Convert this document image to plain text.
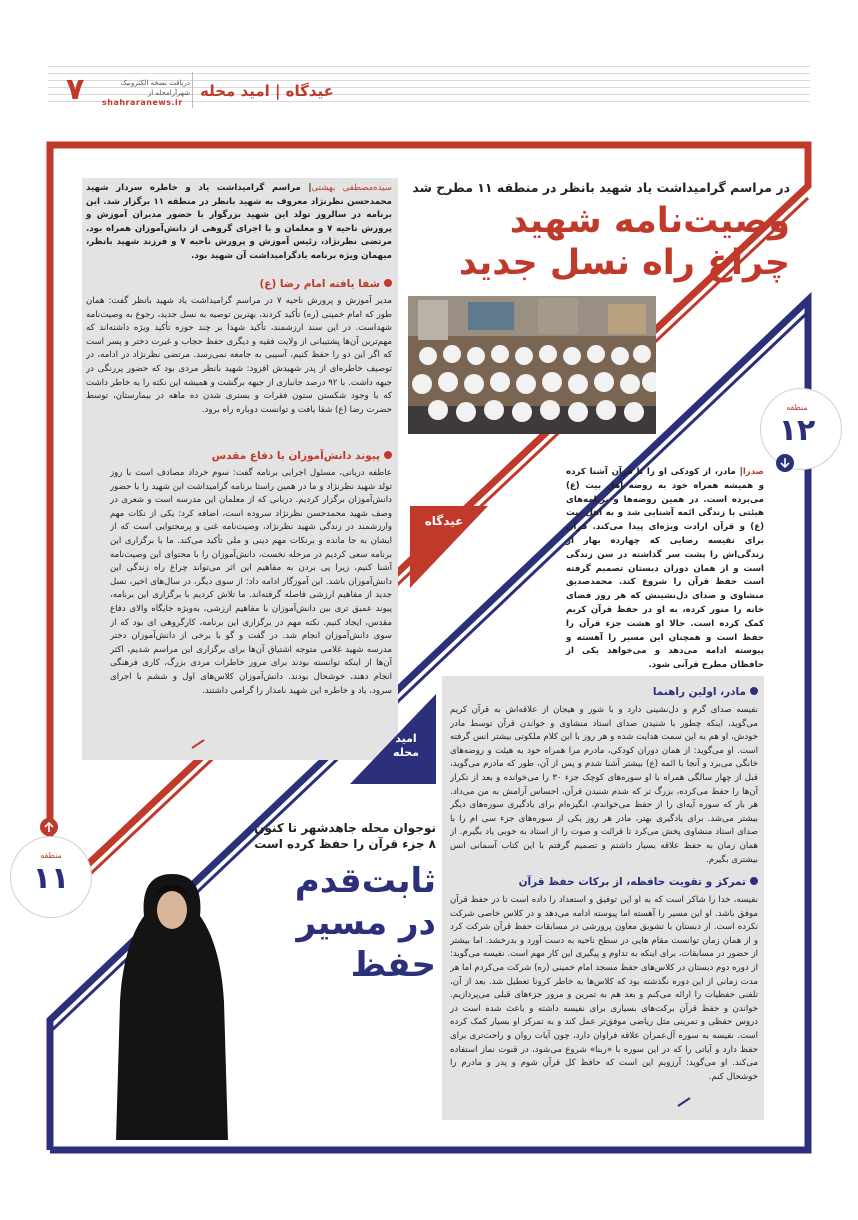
۷	دریافت نسخه الکترونیک شهرآرامحله از
shahraranews.ir
عیدگاه | امید محله
سیده‌مصطفی بهشتی| مراسم گرامیداشت یاد و خاطره سردار شهید محمدحسن نظرنژاد معروف به شهید بانظر در منطقه ۱۱ برگزار شد. این برنامه در سالروز تولد این شهید بزرگوار با حضور مدیران آموزش و پرورش ناحیه ۷ و معلمان و با اجرای گروهی از دانش‌آموزان همراه بود. مرتضی نظرنژاد، رئیس آموزش و پرورش ناحیه ۷ و فرزند شهید بانظر، میهمان ویژه برنامه یادگرامیداشت آن شهید بود.
شفا یافته امام رضا (ع)
مدیر آموزش و پرورش ناحیه ۷ در مراسم گرامیداشت یاد شهید بانظر گفت: همان طور که امام خمینی (ره) تأکید کردند، بهترین توصیه به نسل جدید، رجوع به وصیت‌نامه شهداست. در این سند ارزشمند، تأکید شهدا بر چند حوزه تأکید ویژه داشته‌اند که مهم‌ترین آن‌ها پشتیبانی از ولایت فقیه و دیگری حفظ حجاب و غیرت دختر و پسر است که اگر این دو را حفظ کنیم، آسیبی به جامعه نمی‌رسد. مرتضی نظرنژاد در ادامه، در توصیف خاطره‌ای از پدر شهیدش افزود: شهید بانظر مردی بود که حضور پررنگی در جبهه داشت. با ۹۲ درصد جانبازی از جبهه برگشت و همیشه این نکته را به خاطر داشت که با وجود شکستن ستون فقرات و بستری شدن ده ماهه در بیمارستان، توسط حضرت رضا (ع) شفا یافت و توانست دوباره راه برود.
پیوند دانش‌آموزان با دفاع مقدس
عاطفه دربانی، مسئول اجرایی برنامه گفت: سوم خرداد مصادف است با روز تولد شهید نظرنژاد و ما در همین راستا برنامه گرامیداشت این شهید را با حضور دانش‌آموزان برگزار کردیم. دربانی که از معلمان این مدرسه است و شعری در وصف شهید محمدحسن نظرنژاد سروده است، اضافه کرد: یکی از نکات مهم وارزشمند در زندگی شهید نظرنژاد، وصیت‌نامه غنی و پرمحتوایی است که از ایشان به جا مانده و برنکات مهم دینی و ملی تأکید می‌کند. ما با برگزاری این برنامه سعی کردیم در مرحله نخست، دانش‌آموزان را با محتوای این وصیت‌نامه آشنا کنیم، زیرا پی بردن به مفاهیم این اثر می‌تواند چراغ راه زندگی این دانش‌آموزان باشد. این آموزگار ادامه داد: از سوی دیگر، در سال‌های اخیر، نسل جدید از مفاهیم ارزشی فاصله گرفته‌اند. ما تلاش کردیم با برگزاری این برنامه، پیوند عمیق تری بین دانش‌آموزان با مفاهیم ارزشی، به‌ویژه جایگاه والای دفاع مقدس، ایجاد کنیم. نکته مهم در برگزاری این برنامه، کارگروهی ای بود که از سوی دانش‌آموزان انجام شد. در گفت و گو با برخی از دانش‌آموزان دختر مدرسه شهید غلامی متوجه اشتیاق آن‌ها برای برگزاری این مراسم شدیم، اکثر آن‌ها از اینکه توانسته بودند برای مرور خاطرات مردی بزرگ، کاری فرهنگی انجام دهند، خوشحال بودند. دانش‌آموزان کلاس‌های اول و ششم با اجرای سرود، یاد و خاطره این شهید نامدار را گرامی داشتند.
در مراسم گرامیداشت یاد شهید بانظر در منطقه ۱۱ مطرح شد
وصیت‌نامه شهید
چراغ راه نسل جدید
منطقه
۱۲
عیدگاه
صدرا| مادر، از کودکی او را با قرآن آشنا کرده و همیشه همراه خود به روضه اهل بیت (ع) می‌برده است. در همین روضه‌ها و برنامه‌های هیئتی با زندگی ائمه آشنایی شد و به اهل بیت (ع) و قرآن ارادت ویژه‌ای پیدا می‌کند. قرآن برای نفیسه رضایی که چهارده بهار از زندگی‌اش را پشت سر گذاشته در سن زندگی است و از همان دوران دبستان تصمیم گرفته است حفظ قرآن را شروع کند. محمدصدیق منشاوی و صدای دل‌نشینش که هر روز فضای خانه را منور کرده، به او در حفظ قرآن کریم کمک کرده است. حالا او هشت جزء قرآن را حفظ است و همچنان این مسیر را آهسته و پیوسته ادامه می‌دهد و می‌خواهد یکی از حافظان مطرح قرآنی شود.
مادر، اولین راهنما
نفیسه صدای گرم و دل‌نشینی دارد و با شور و هیجان از علاقه‌اش به قرآن کریم می‌گوید، اینکه چطور با شنیدن صدای استاد منشاوی و خواندن قرآن توسط مادر خودش، او هم به این سمت هدایت شده و هر روز با این کلام ملکوتی بیشتر انس گرفته است. او می‌گوید: از همان دوران کودکی، مادرم مرا همراه خود به هیئت و روضه‌های خانگی می‌برد و آنجا با ائمه (ع) بیشتر آشنا شدم و پس از آن، طور که مادرم می‌گوید، قبل از چهار سالگی همراه با او سوره‌های کوچک جزء ۳۰ را می‌خوانده و بعد از تکرار آن‌ها را حفظ می‌کرده، بزرگ تر که شدم شنیدن قرآن، احساس آرامش به من می‌داد. هر بار که سوره آیه‌ای را از حفظ می‌خواندم، انگیزه‌ام برای یادگیری سوره‌های دیگر بیشتر می‌شد. برای یادگیری بهتر، مادر هر روز یکی از سوره‌های جزء سی ام را با صدای استاد منشاوی پخش می‌کرد تا قرائت و صوت را از استاد به خوبی یاد بگیرم. از همان زمان به حفظ علاقه بسیار داشتم و تصمیم گرفتم با این کتاب آسمانی انس بیشتری بگیرم.
تمرکز و تقویت حافظه، از برکات حفظ قرآن
نفیسه، خدا را شاکر است که به او این توفیق و استعداد را داده است تا در حفظ قرآن موفق باشد. او این مسیر را آهسته اما پیوسته ادامه می‌دهد و در کلاس خاصی شرکت نکرده است. از دبستان با تشویق معاون پرورشی در مسابقات حفظ قرآن شرکت کرد و از همان زمان توانست مقام هایی در سطح ناحیه به دست آورد و بدرخشد. اما بیشتر از حضور در مسابقات، برای اینکه به تداوم و پیگیری این کار مهم است. نفیسه می‌گوید: از دوره دوم دبستان در کلاس‌های حفظ مسجد امام خمینی (ره) شرکت می‌کردم اما هر مدت زمانی از این دوره نگذشته بود که کلاس‌ها به خاطر کرونا تعطیل شد. بعد از آن، تلفنی حفظیات را ارائه می‌کنم و بعد هم به تمرین و مرور جزءهای قبلی می‌پردازیم. خواندن و حفظ قرآن برکت‌های بسیاری برای نفیسه داشته و باعث شده است در دروس حفظی و تمرینی مثل ریاضی موفق‌تر عمل کند و به تمرکز او بسیار کمک کرده است. نفیسه به سوره آل‌عمران علاقه فراوان دارد، چون آیات روان و راحت‌تری برای حفظ دارد و آیاتی را که در این سوره با «ربنا» شروع می‌شود، در قنوت نماز استفاده می‌کند. او می‌گوید: آرزویم این است که حافظ کل قرآن شوم و پدر و مادرم را خوشحال کنم.
امید
محله
منطقه
۱۱
نوجوان محله جاهدشهر تا کنون
۸ جزء قرآن را حفظ کرده است
ثابت‌قدم
در مسیر حفظ
